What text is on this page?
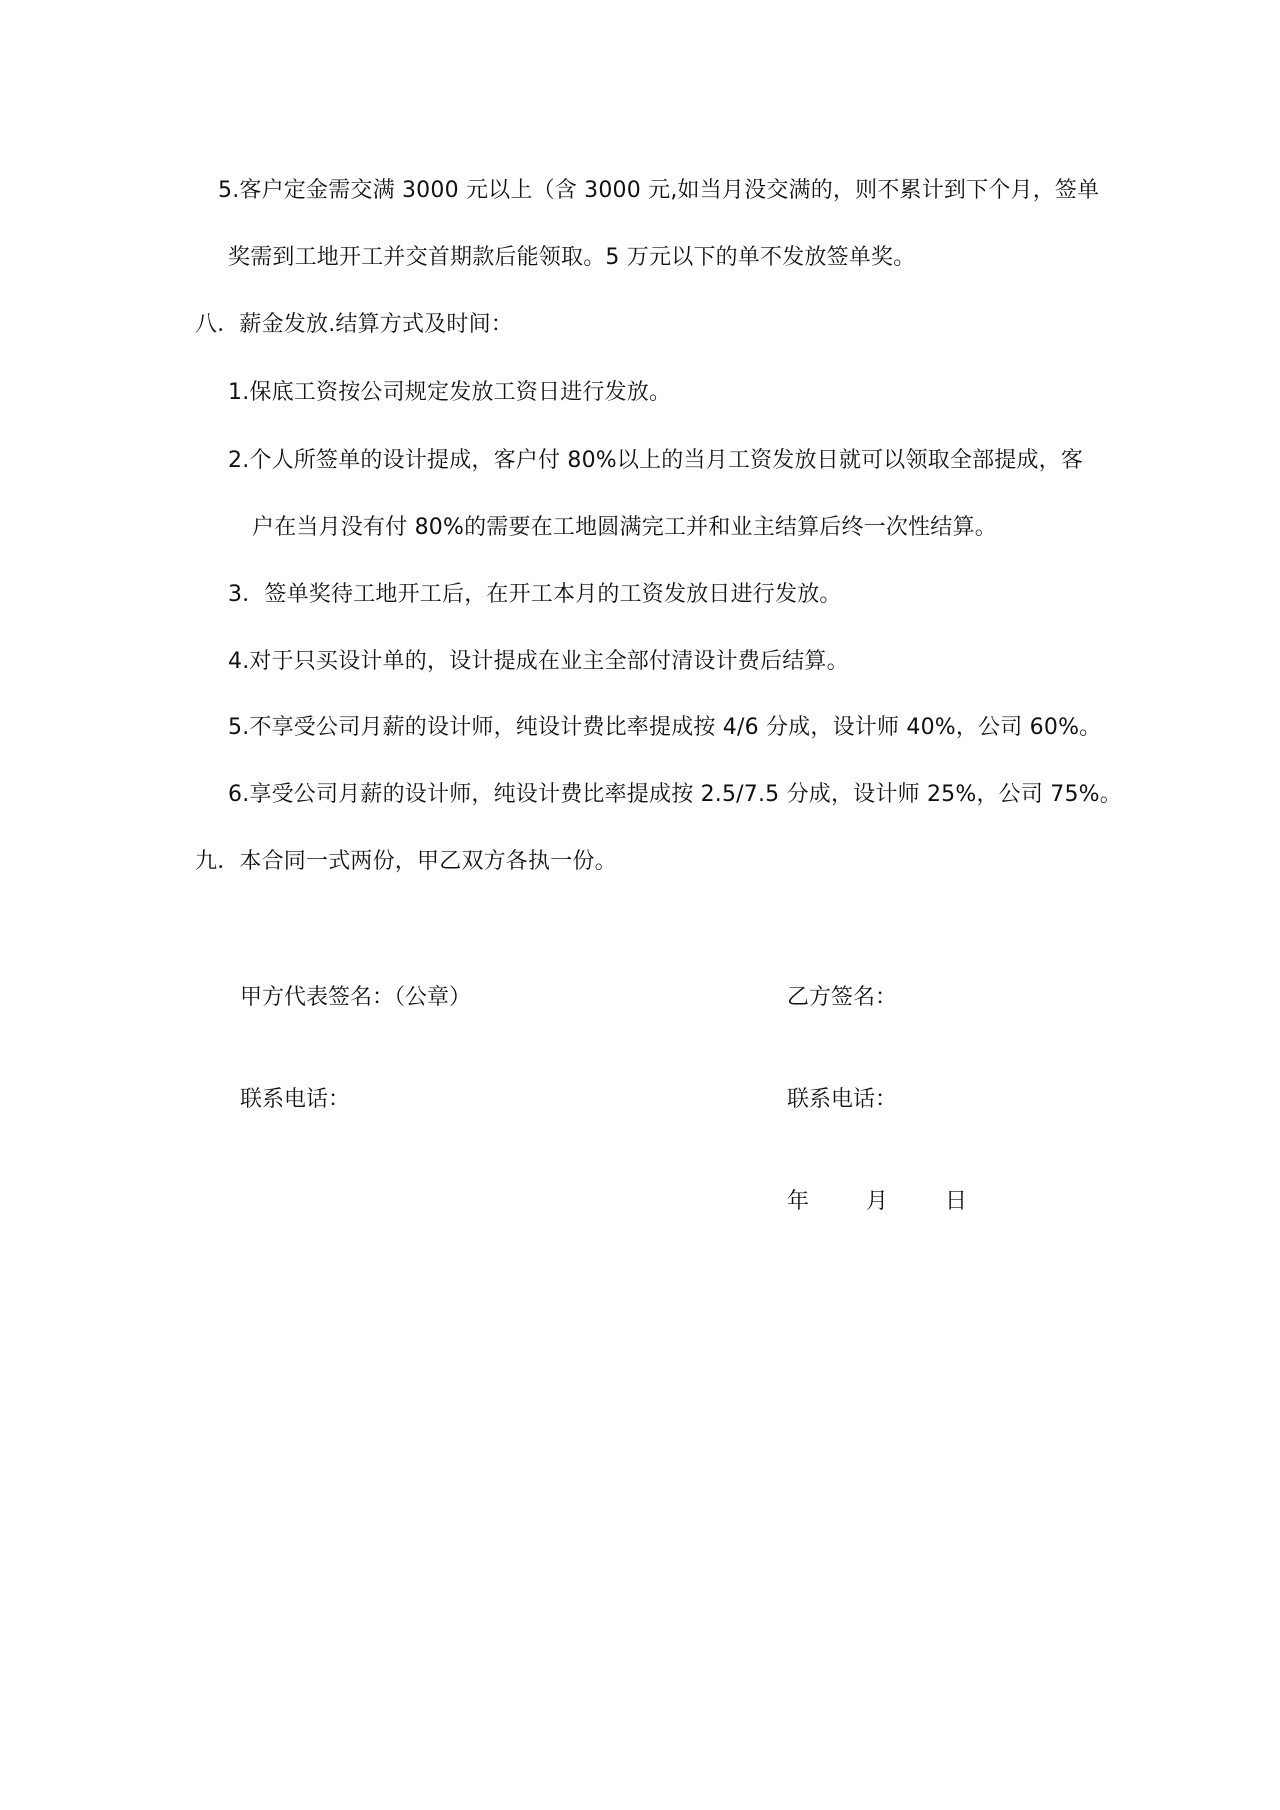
5.客户定金需交满 3000 元以上（含 3000 元,如当月没交满的，则不累计到下个月，签单
奖需到工地开工并交首期款后能领取。5 万元以下的单不发放签单奖。
八．薪金发放.结算方式及时间：
1.保底工资按公司规定发放工资日进行发放。
2.个人所签单的设计提成，客户付 80%以上的当月工资发放日就可以领取全部提成，客
户在当月没有付 80%的需要在工地圆满完工并和业主结算后终一次性结算。
3．签单奖待工地开工后，在开工本月的工资发放日进行发放。
4.对于只买设计单的，设计提成在业主全部付清设计费后结算。
5.不享受公司月薪的设计师，纯设计费比率提成按 4/6 分成，设计师 40%，公司 60%。
6.享受公司月薪的设计师，纯设计费比率提成按 2.5/7.5 分成，设计师 25%，公司 75%。
九．本合同一式两份，甲乙双方各执一份。
甲方代表签名：（公章）	乙方签名：
联系电话：	联系电话：
年	月	日
